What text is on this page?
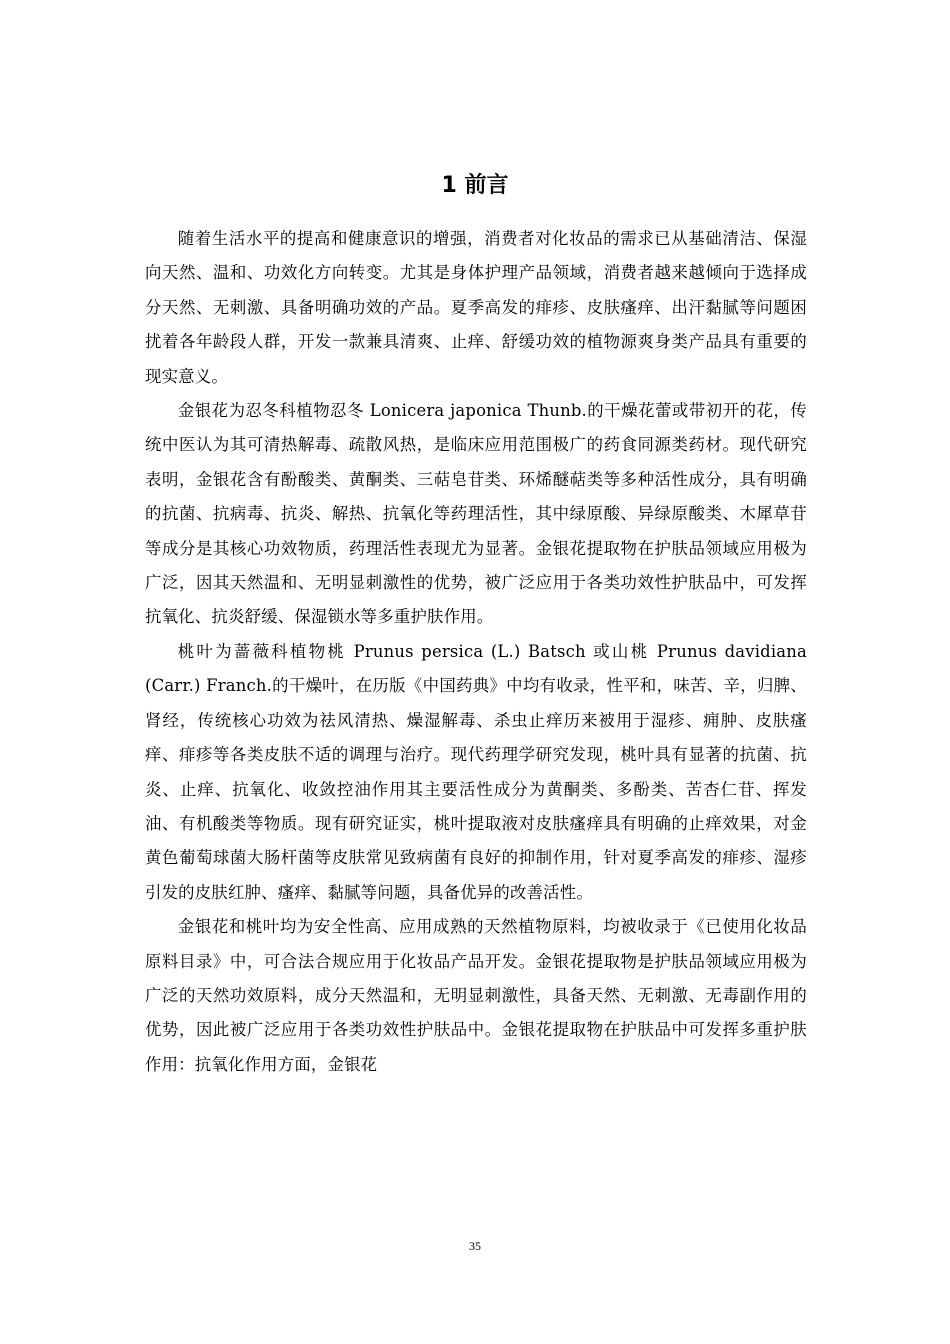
1 前言

随着生活水平的提高和健康意识的增强，消费者对化妆品的需求已从基础清洁、保湿向天然、温和、功效化方向转变。尤其是身体护理产品领域，消费者越来越倾向于选择成分天然、无刺激、具备明确功效的产品。夏季高发的痱疹、皮肤瘙痒、出汗黏腻等问题困扰着各年龄段人群，开发一款兼具清爽、止痒、舒缓功效的植物源爽身类产品具有重要的现实意义。

金银花为忍冬科植物忍冬 Lonicera japonica Thunb.的干燥花蕾或带初开的花，传统中医认为其可清热解毒、疏散风热，是临床应用范围极广的药食同源类药材。现代研究表明，金银花含有酚酸类、黄酮类、三萜皂苷类、环烯醚萜类等多种活性成分，具有明确的抗菌、抗病毒、抗炎、解热、抗氧化等药理活性，其中绿原酸、异绿原酸类、木犀草苷等成分是其核心功效物质，药理活性表现尤为显著。金银花提取物在护肤品领域应用极为广泛，因其天然温和、无明显刺激性的优势，被广泛应用于各类功效性护肤品中，可发挥抗氧化、抗炎舒缓、保湿锁水等多重护肤作用。

桃叶为蔷薇科植物桃 Prunus persica (L.) Batsch 或山桃 Prunus davidiana (Carr.) Franch.的干燥叶，在历版《中国药典》中均有收录，性平和，味苦、辛，归脾、肾经，传统核心功效为祛风清热、燥湿解毒、杀虫止痒历来被用于湿疹、痈肿、皮肤瘙痒、痱疹等各类皮肤不适的调理与治疗。现代药理学研究发现，桃叶具有显著的抗菌、抗炎、止痒、抗氧化、收敛控油作用其主要活性成分为黄酮类、多酚类、苦杏仁苷、挥发油、有机酸类等物质。现有研究证实，桃叶提取液对皮肤瘙痒具有明确的止痒效果，对金黄色葡萄球菌大肠杆菌等皮肤常见致病菌有良好的抑制作用，针对夏季高发的痱疹、湿疹引发的皮肤红肿、瘙痒、黏腻等问题，具备优异的改善活性。

金银花和桃叶均为安全性高、应用成熟的天然植物原料，均被收录于《已使用化妆品原料目录》中，可合法合规应用于化妆品产品开发。金银花提取物是护肤品领域应用极为广泛的天然功效原料，成分天然温和，无明显刺激性，具备天然、无刺激、无毒副作用的优势，因此被广泛应用于各类功效性护肤品中。金银花提取物在护肤品中可发挥多重护肤作用：抗氧化作用方面，金银花

35
